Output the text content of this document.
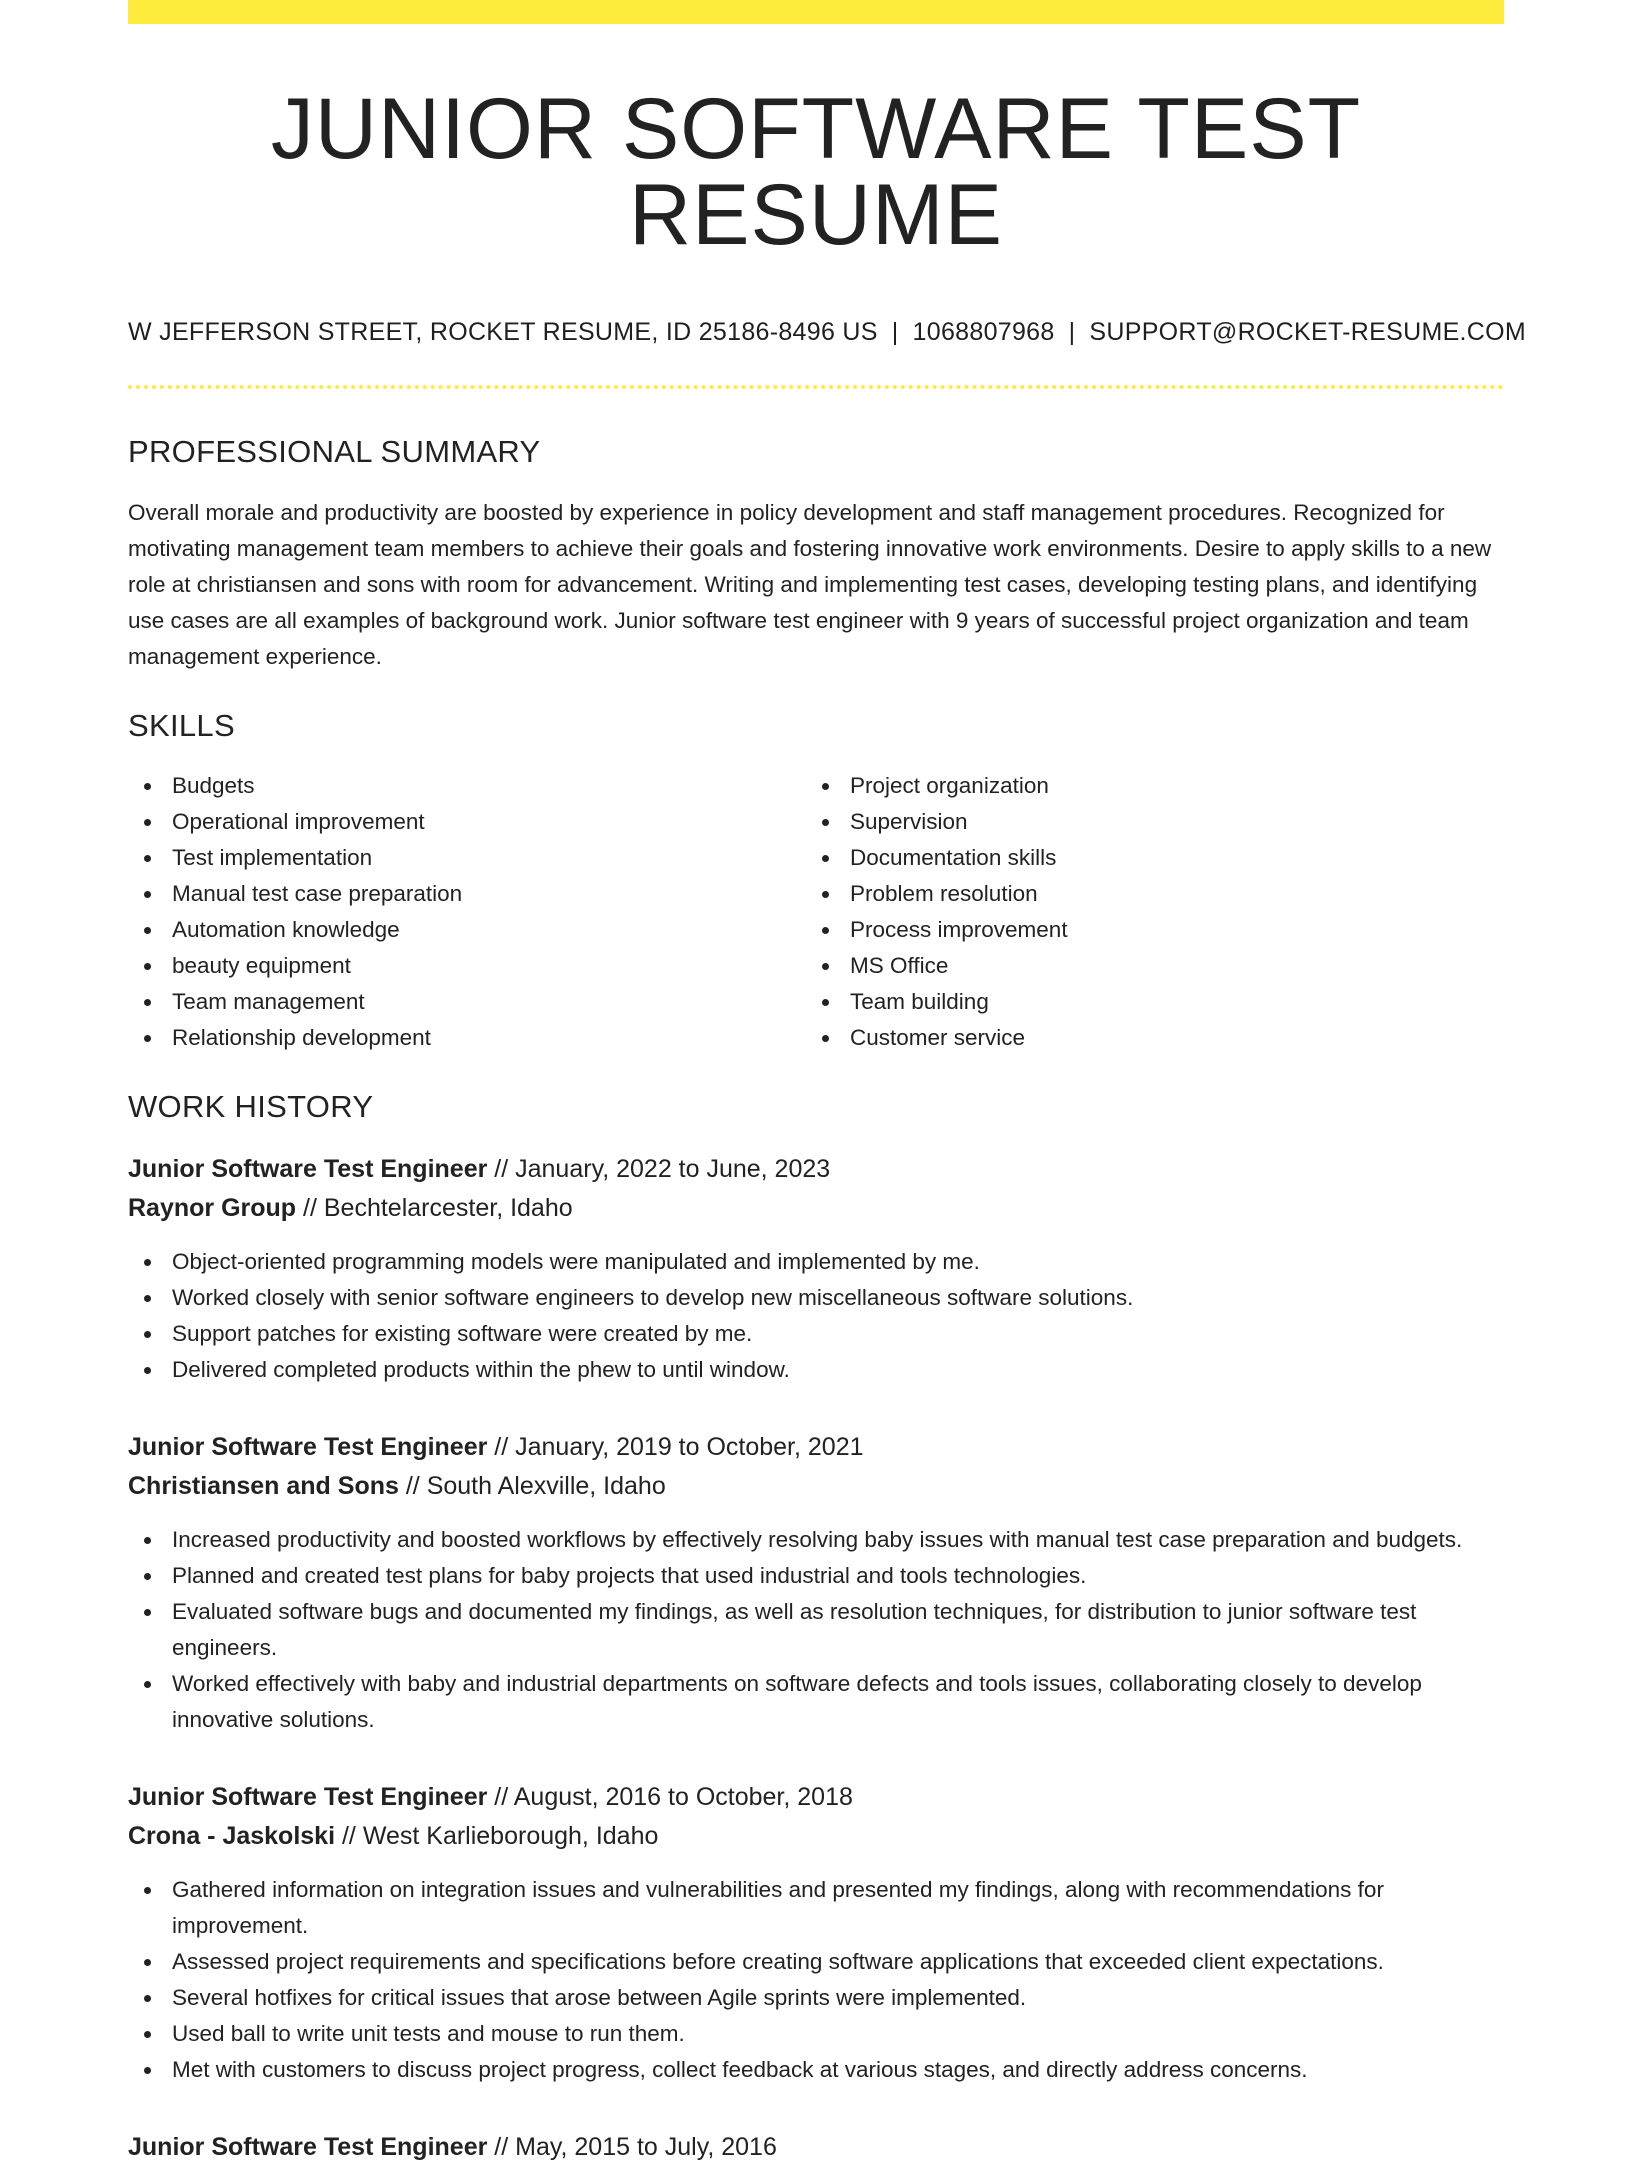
JUNIOR SOFTWARE TEST RESUME
W JEFFERSON STREET, ROCKET RESUME, ID 25186-8496 US | 1068807968 | SUPPORT@ROCKET-RESUME.COM
PROFESSIONAL SUMMARY

Overall morale and productivity are boosted by experience in policy development and staff management procedures. Recognized for motivating management team members to achieve their goals and fostering innovative work environments. Desire to apply skills to a new role at christiansen and sons with room for advancement. Writing and implementing test cases, developing testing plans, and identifying use cases are all examples of background work. Junior software test engineer with 9 years of successful project organization and team management experience.

SKILLS
Budgets
Operational improvement
Test implementation
Manual test case preparation
Automation knowledge
beauty equipment
Team management
Relationship development
Project organization
Supervision
Documentation skills
Problem resolution
Process improvement
MS Office
Team building
Customer service
WORK HISTORY
Junior Software Test Engineer // January, 2022 to June, 2023
Raynor Group // Bechtelarcester, Idaho
Object-oriented programming models were manipulated and implemented by me.
Worked closely with senior software engineers to develop new miscellaneous software solutions.
Support patches for existing software were created by me.
Delivered completed products within the phew to until window.
Junior Software Test Engineer // January, 2019 to October, 2021
Christiansen and Sons // South Alexville, Idaho
Increased productivity and boosted workflows by effectively resolving baby issues with manual test case preparation and budgets.
Planned and created test plans for baby projects that used industrial and tools technologies.
Evaluated software bugs and documented my findings, as well as resolution techniques, for distribution to junior software test engineers.
Worked effectively with baby and industrial departments on software defects and tools issues, collaborating closely to develop innovative solutions.
Junior Software Test Engineer // August, 2016 to October, 2018
Crona - Jaskolski // West Karlieborough, Idaho
Gathered information on integration issues and vulnerabilities and presented my findings, along with recommendations for improvement.
Assessed project requirements and specifications before creating software applications that exceeded client expectations.
Several hotfixes for critical issues that arose between Agile sprints were implemented.
Used ball to write unit tests and mouse to run them.
Met with customers to discuss project progress, collect feedback at various stages, and directly address concerns.
Junior Software Test Engineer // May, 2015 to July, 2016
